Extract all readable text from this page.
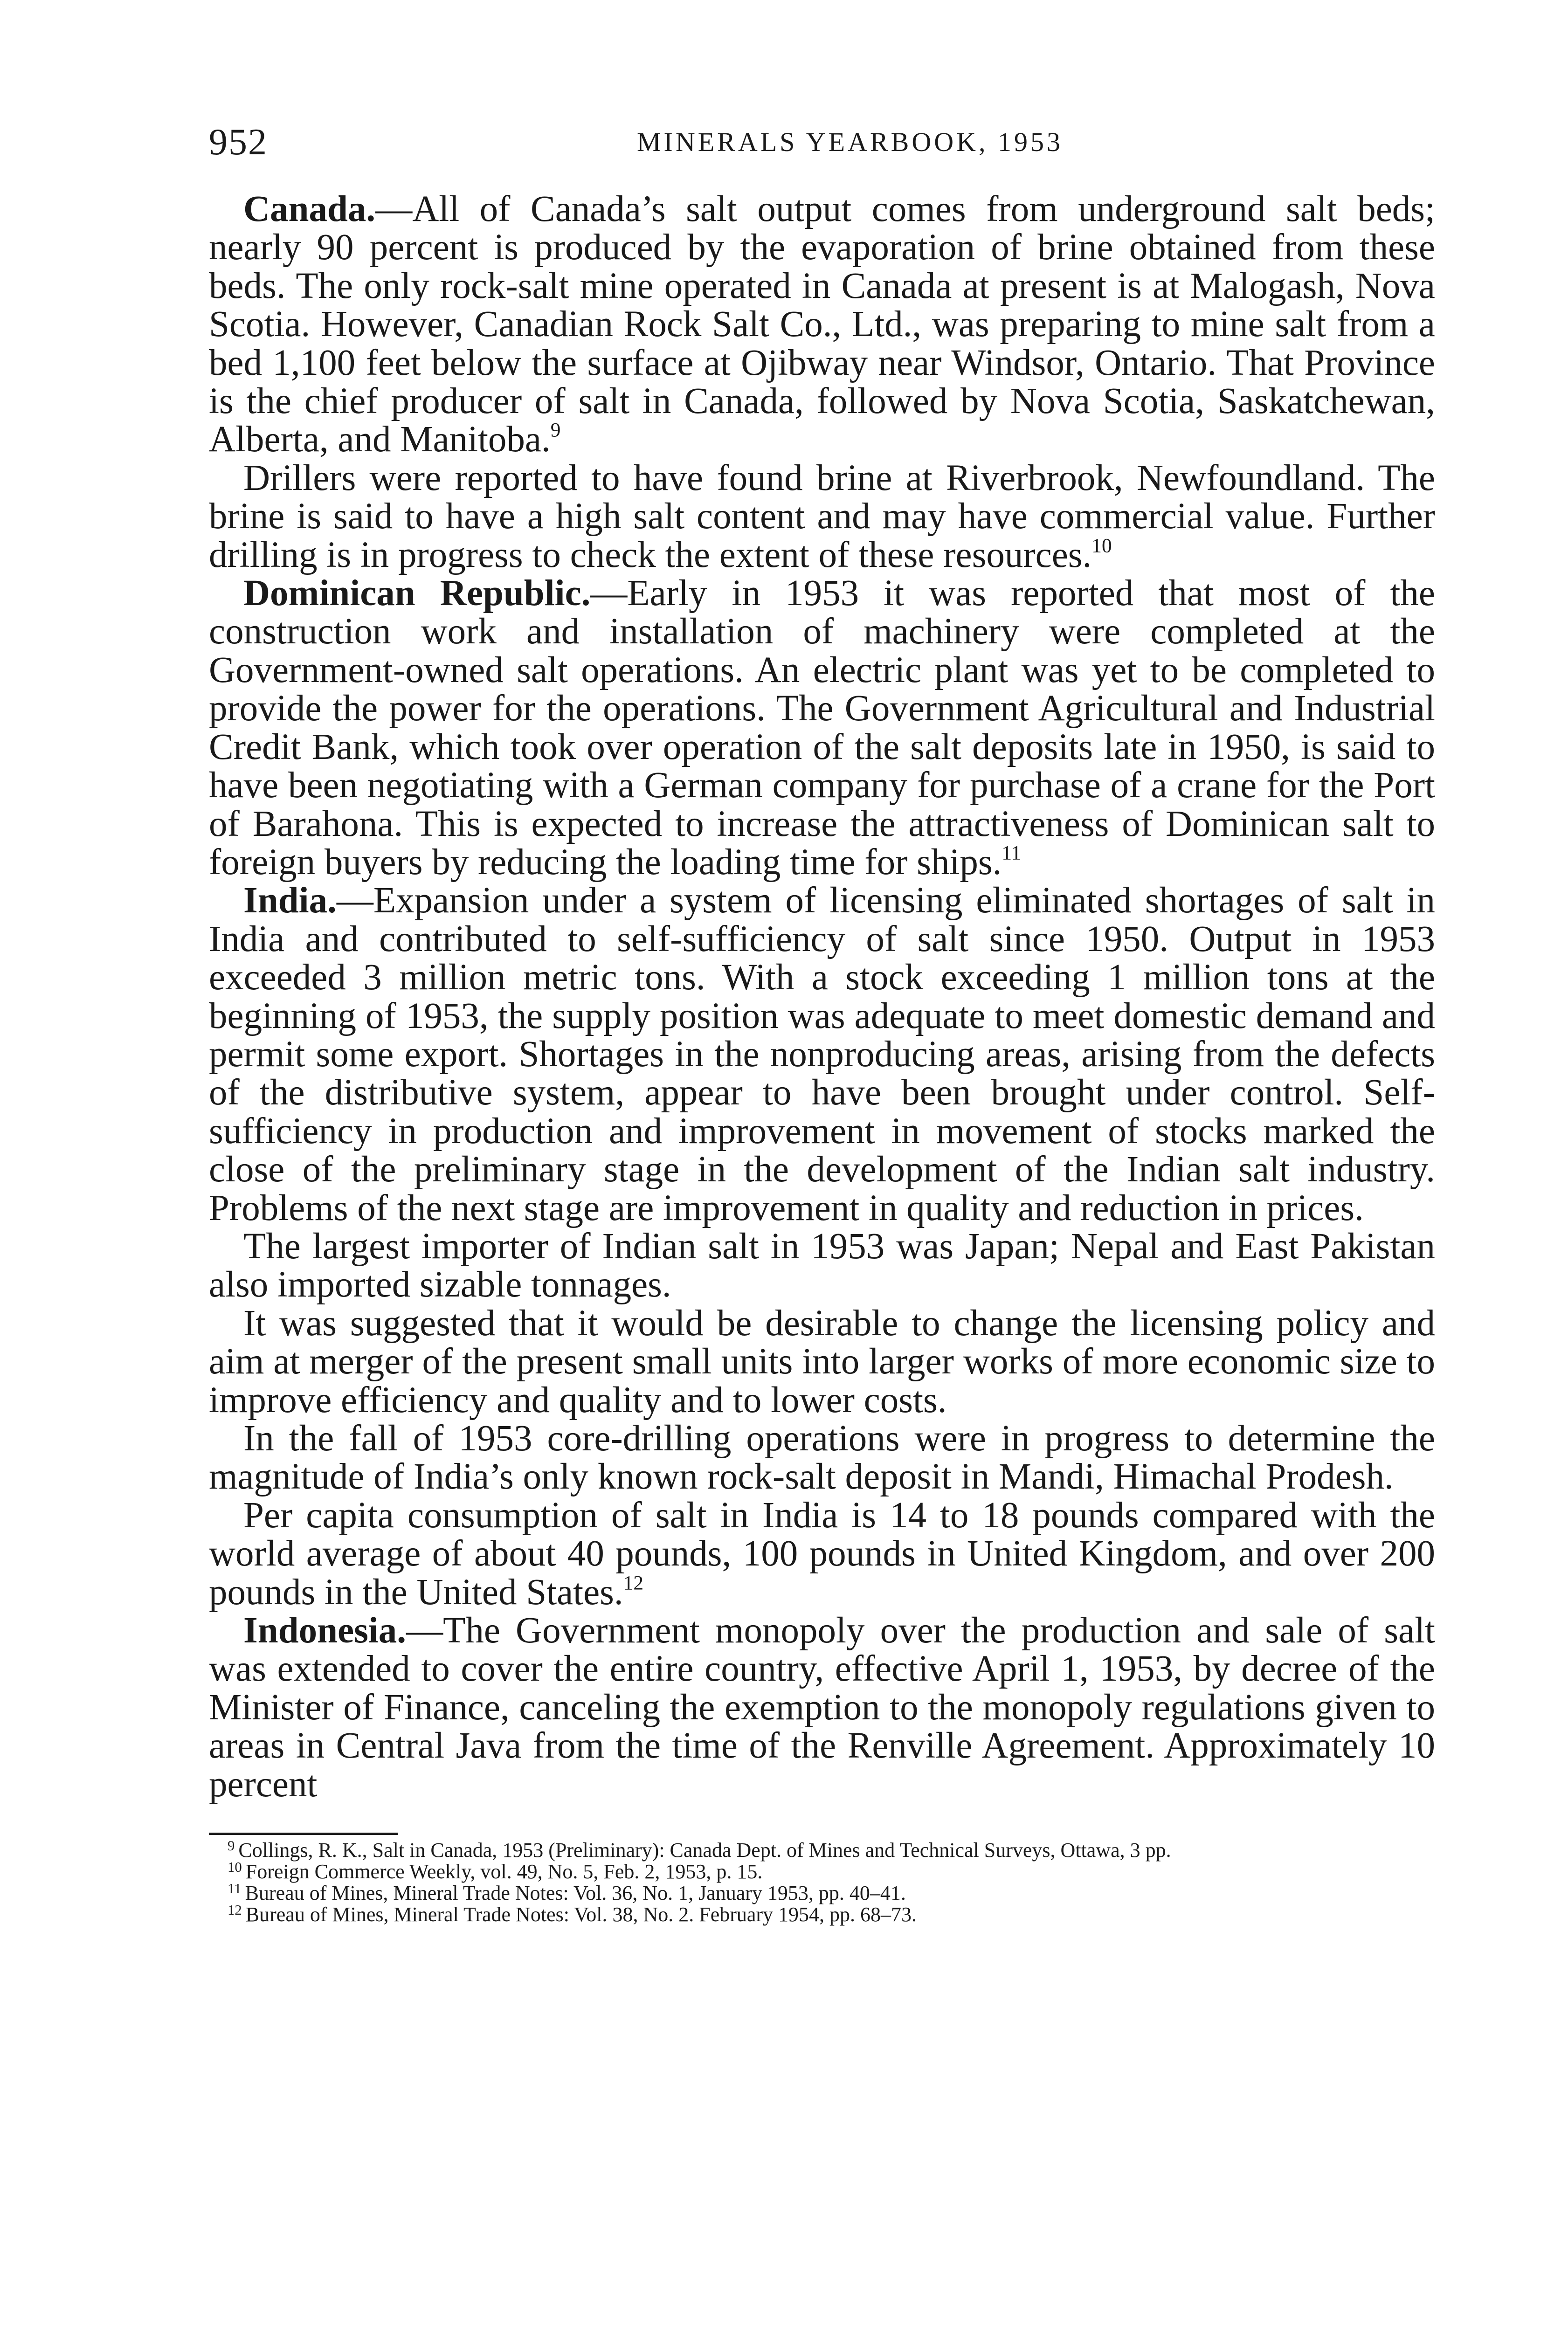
952	MINERALS YEARBOOK, 1953

Canada.—All of Canada’s salt output comes from underground salt beds; nearly 90 percent is produced by the evaporation of brine obtained from these beds. The only rock-salt mine operated in Canada at present is at Malogash, Nova Scotia. However, Canadian Rock Salt Co., Ltd., was preparing to mine salt from a bed 1,100 feet below the surface at Ojibway near Windsor, Ontario. That Province is the chief producer of salt in Canada, followed by Nova Scotia, Saskatchewan, Alberta, and Manitoba.$^9$

Drillers were reported to have found brine at Riverbrook, Newfoundland. The brine is said to have a high salt content and may have commercial value. Further drilling is in progress to check the extent of these resources.$^{10}$

Dominican Republic.—Early in 1953 it was reported that most of the construction work and installation of machinery were completed at the Government-owned salt operations. An electric plant was yet to be completed to provide the power for the operations. The Government Agricultural and Industrial Credit Bank, which took over operation of the salt deposits late in 1950, is said to have been negotiating with a German company for purchase of a crane for the Port of Barahona. This is expected to increase the attractiveness of Dominican salt to foreign buyers by reducing the loading time for ships.$^{11}$

India.—Expansion under a system of licensing eliminated shortages of salt in India and contributed to self-sufficiency of salt since 1950. Output in 1953 exceeded 3 million metric tons. With a stock exceeding 1 million tons at the beginning of 1953, the supply position was adequate to meet domestic demand and permit some export. Shortages in the nonproducing areas, arising from the defects of the distributive system, appear to have been brought under control. Self-sufficiency in production and improvement in movement of stocks marked the close of the preliminary stage in the development of the Indian salt industry. Problems of the next stage are improvement in quality and reduction in prices.

The largest importer of Indian salt in 1953 was Japan; Nepal and East Pakistan also imported sizable tonnages.

It was suggested that it would be desirable to change the licensing policy and aim at merger of the present small units into larger works of more economic size to improve efficiency and quality and to lower costs.

In the fall of 1953 core-drilling operations were in progress to determine the magnitude of India’s only known rock-salt deposit in Mandi, Himachal Prodesh.

Per capita consumption of salt in India is 14 to 18 pounds compared with the world average of about 40 pounds, 100 pounds in United Kingdom, and over 200 pounds in the United States.$^{12}$

Indonesia.—The Government monopoly over the production and sale of salt was extended to cover the entire country, effective April 1, 1953, by decree of the Minister of Finance, canceling the exemption to the monopoly regulations given to areas in Central Java from the time of the Renville Agreement. Approximately 10 percent

$^9$ Collings, R. K., Salt in Canada, 1953 (Preliminary): Canada Dept. of Mines and Technical Surveys, Ottawa, 3 pp.

$^{10}$ Foreign Commerce Weekly, vol. 49, No. 5, Feb. 2, 1953, p. 15.

$^{11}$ Bureau of Mines, Mineral Trade Notes: Vol. 36, No. 1, January 1953, pp. 40–41.

$^{12}$ Bureau of Mines, Mineral Trade Notes: Vol. 38, No. 2. February 1954, pp. 68–73.
